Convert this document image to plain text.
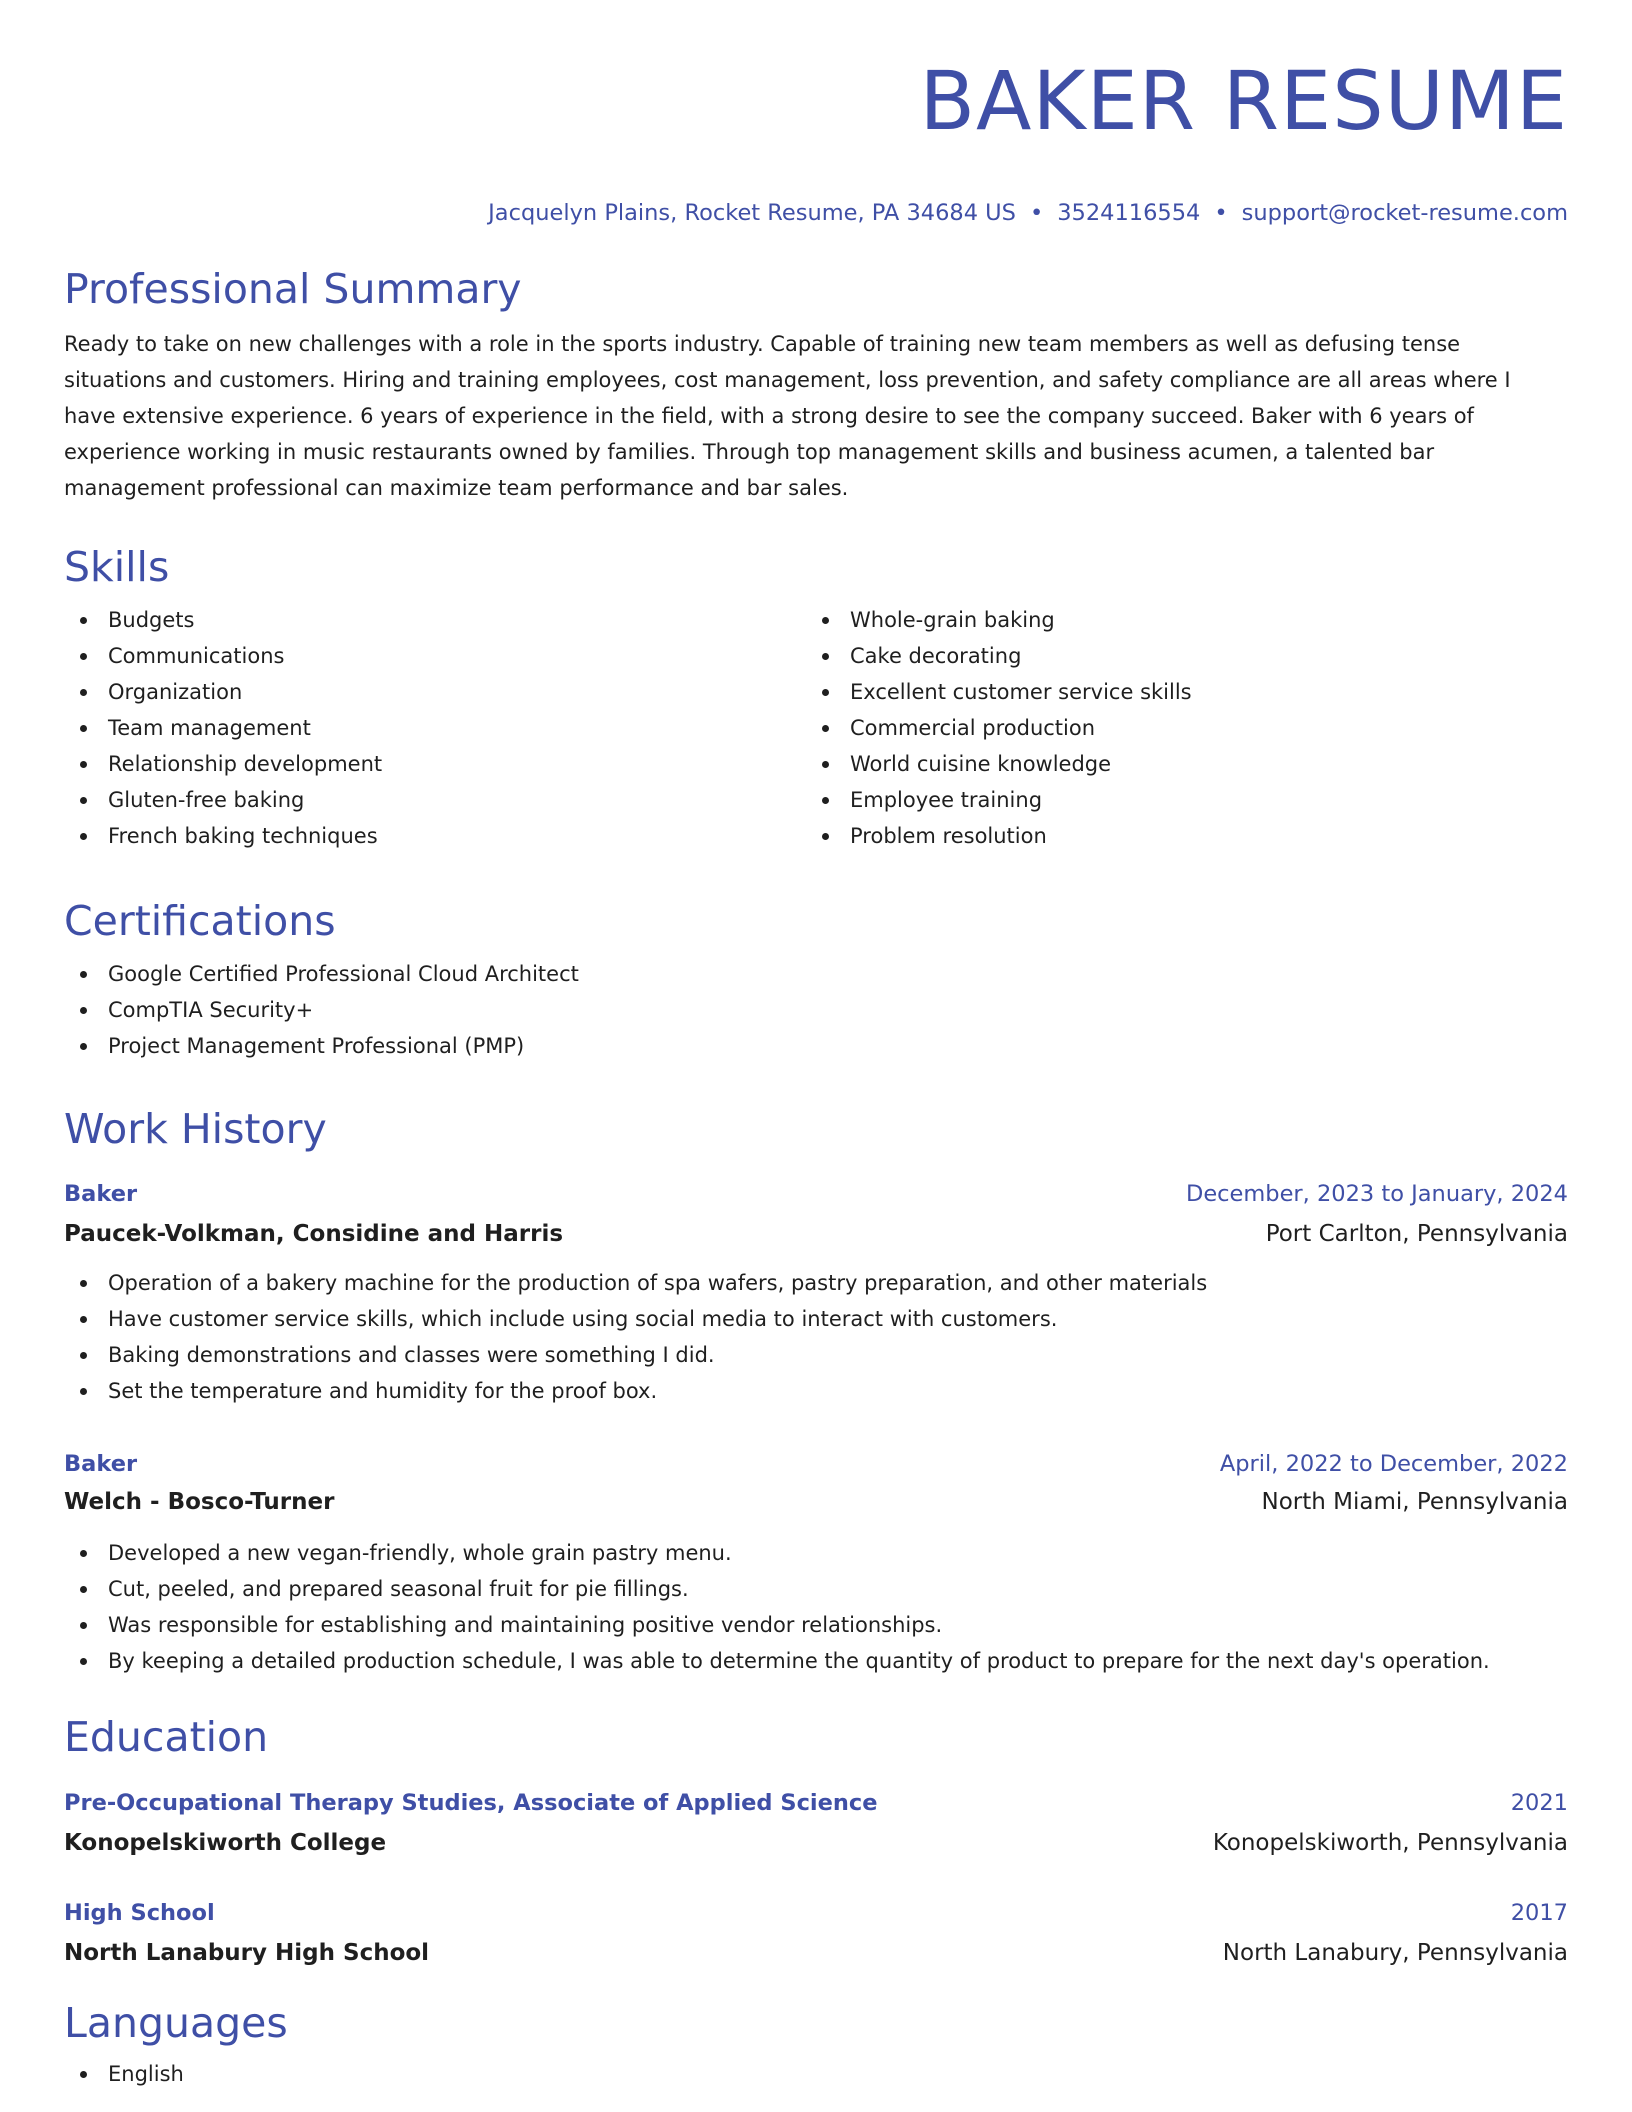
BAKER RESUME
Jacquelyn Plains, Rocket Resume, PA 34684 US • 3524116554 • support@rocket-resume.com
Professional Summary

Ready to take on new challenges with a role in the sports industry. Capable of training new team members as well as defusing tense situations and customers. Hiring and training employees, cost management, loss prevention, and safety compliance are all areas where I have extensive experience. 6 years of experience in the field, with a strong desire to see the company succeed. Baker with 6 years of experience working in music restaurants owned by families. Through top management skills and business acumen, a talented bar management professional can maximize team performance and bar sales.

Skills
Budgets
Communications
Organization
Team management
Relationship development
Gluten-free baking
French baking techniques
Whole-grain baking
Cake decorating
Excellent customer service skills
Commercial production
World cuisine knowledge
Employee training
Problem resolution
Certifications
Google Certified Professional Cloud Architect
CompTIA Security+
Project Management Professional (PMP)
Work History
Baker	December, 2023 to January, 2024
Paucek-Volkman, Considine and Harris	Port Carlton, Pennsylvania
Operation of a bakery machine for the production of spa wafers, pastry preparation, and other materials
Have customer service skills, which include using social media to interact with customers.
Baking demonstrations and classes were something I did.
Set the temperature and humidity for the proof box.
Baker	April, 2022 to December, 2022
Welch - Bosco-Turner	North Miami, Pennsylvania
Developed a new vegan-friendly, whole grain pastry menu.
Cut, peeled, and prepared seasonal fruit for pie fillings.
Was responsible for establishing and maintaining positive vendor relationships.
By keeping a detailed production schedule, I was able to determine the quantity of product to prepare for the next day's operation.
Education
Pre-Occupational Therapy Studies, Associate of Applied Science	2021
Konopelskiworth College	Konopelskiworth, Pennsylvania
High School	2017
North Lanabury High School	North Lanabury, Pennsylvania
Languages
English
